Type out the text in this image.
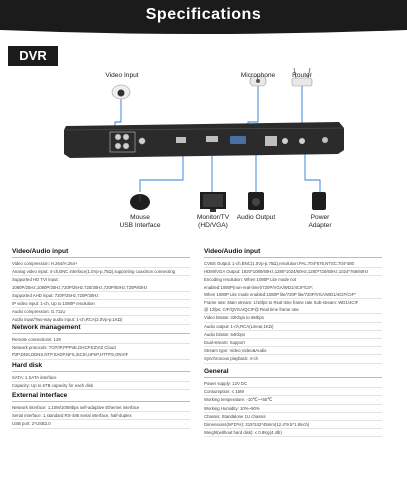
Specifications
DVR
Video Input	Microphone	Router
Mouse
USB Interface
Monitor/TV
(HD/VGA)
Audio Output	Power
Adapter
Video/Audio input
Video compression: H.264/H.264+
Analog video input: 4-ch,BNC interface(1.0Vp-p,75Ω),supporting coaxitron connecting
Supported HD TVI input:
1080P/25Hz,1080P/30Hz,720P/25Hz,720/30Hz,720P/50Hz,720P/60Hz
Supported AHD input: 720P/25Hz,720P/30Hz
IP video input: 1-ch, Up to 1080P resolution
Audio compression: G.711U
Audio input/Two-way audio input: 1-ch,RCA(2.0Vp-p,1KΩ)
Network management
Remote connections: 128
Network protocols: TCP/IP,PPPoE,DHCP,EZVIZ Cloud
P2P,DNS,DDNS,NTP,SADP,NFS,iSCSI,UPnP,HTTPS,ONVIF
Hard disk
SATA: 1 SATA interface
Capacity: Up to 6TB capacity for each disk
External interface
Network interface: 1,10M/100Mbps self-adaptive Ethernet interface
Serial interface: 1,standard RS-485 serial interface, half-duplex
USB port: 2*USB2.0
Video/Audio input
CVBS Output: 1-ch,BNC(1.0Vp-p,75Ω),resolution:PAL:704*576,NTSC:704*480
HDMI/VGA Output: 1920*1080/60Hz,1280*1024/60Hz,1280*720/60Hz,1024*768/60Hz
Encoding resolution: When 1080P Lite mode not
enabled:1080P(non-real-time)/720P/VGA/WD1/4CIF/CIF;
When 1080P Lite mode enabled:1080P lite/720P lite/720P/VGA/WD1/4CIF/CIF*
Frame rate: Main stream: 1/16fps to Real time frame rate Sub-stream: WD1/4CIF
@ 12fps; CIF/QVGA/QCIF@ Real time frame rate
Video bitrate: 32Kbps to 6Mbps
Audio output: 1-ch,RCA(Linear,1KΩ)
Audio bitrate: 64Kbps
Dual-stream: Support
Stream type: Video,Video&Audio
Synchronous playback: 4-ch
General
Power supply: 12V DC
Consumption: ≤ 15W
Working temperature: -10℃~+55℃
Working Humidity: 10%~90%
Chassis: Standalone 1U chassis
Dimensions(W*D*H): 315*242*45mm(12.4*9.5*1.8inch)
Weight(without hard disk): ≤ 0.8Kg(4.4lb)
